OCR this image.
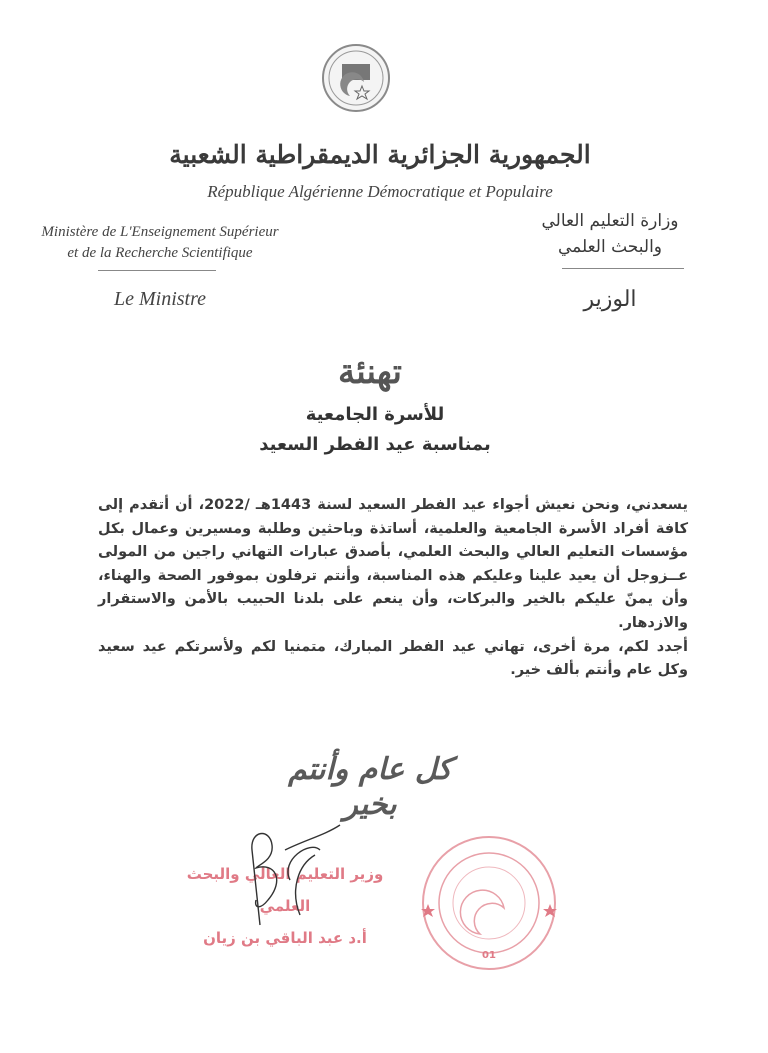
الجمهورية الجزائرية الديمقراطية الشعبية
République Algérienne Démocratique et Populaire
Ministère de L'Enseignement Supérieur
et de la Recherche Scientifique
Le Ministre
وزارة التعليم العالي
والبحث العلمي
الوزير
تهنئة
للأسرة الجامعية
بمناسبة عيد الفطر السعيد

يسعدني، ونحن نعيش أجواء عيد الفطر السعيد لسنة 1443هـ /2022، أن أتقدم إلى كافة أفراد الأسرة الجامعية والعلمية، أساتذة وباحثين وطلبة ومسيرين وعمال بكل مؤسسات التعليم العالي والبحث العلمي، بأصدق عبارات التهاني راجين من المولى عــزوجل أن يعيد علينا وعليكم هذه المناسبة، وأنتم ترفلون بموفور الصحة والهناء، وأن يمنّ عليكم بالخير والبركات، وأن ينعم على بلدنا الحبيب بالأمن والاستقرار والازدهار.

أجدد لكم، مرة أخرى، تهاني عيد الفطر المبارك، متمنيا لكم ولأسرتكم عيد سعيد وكل عام وأنتم بألف خير.

كل عام وأنتم بخير
وزير التعليم العالي والبحث العلمي
أ.د عبد الباقي بن زيان
01
